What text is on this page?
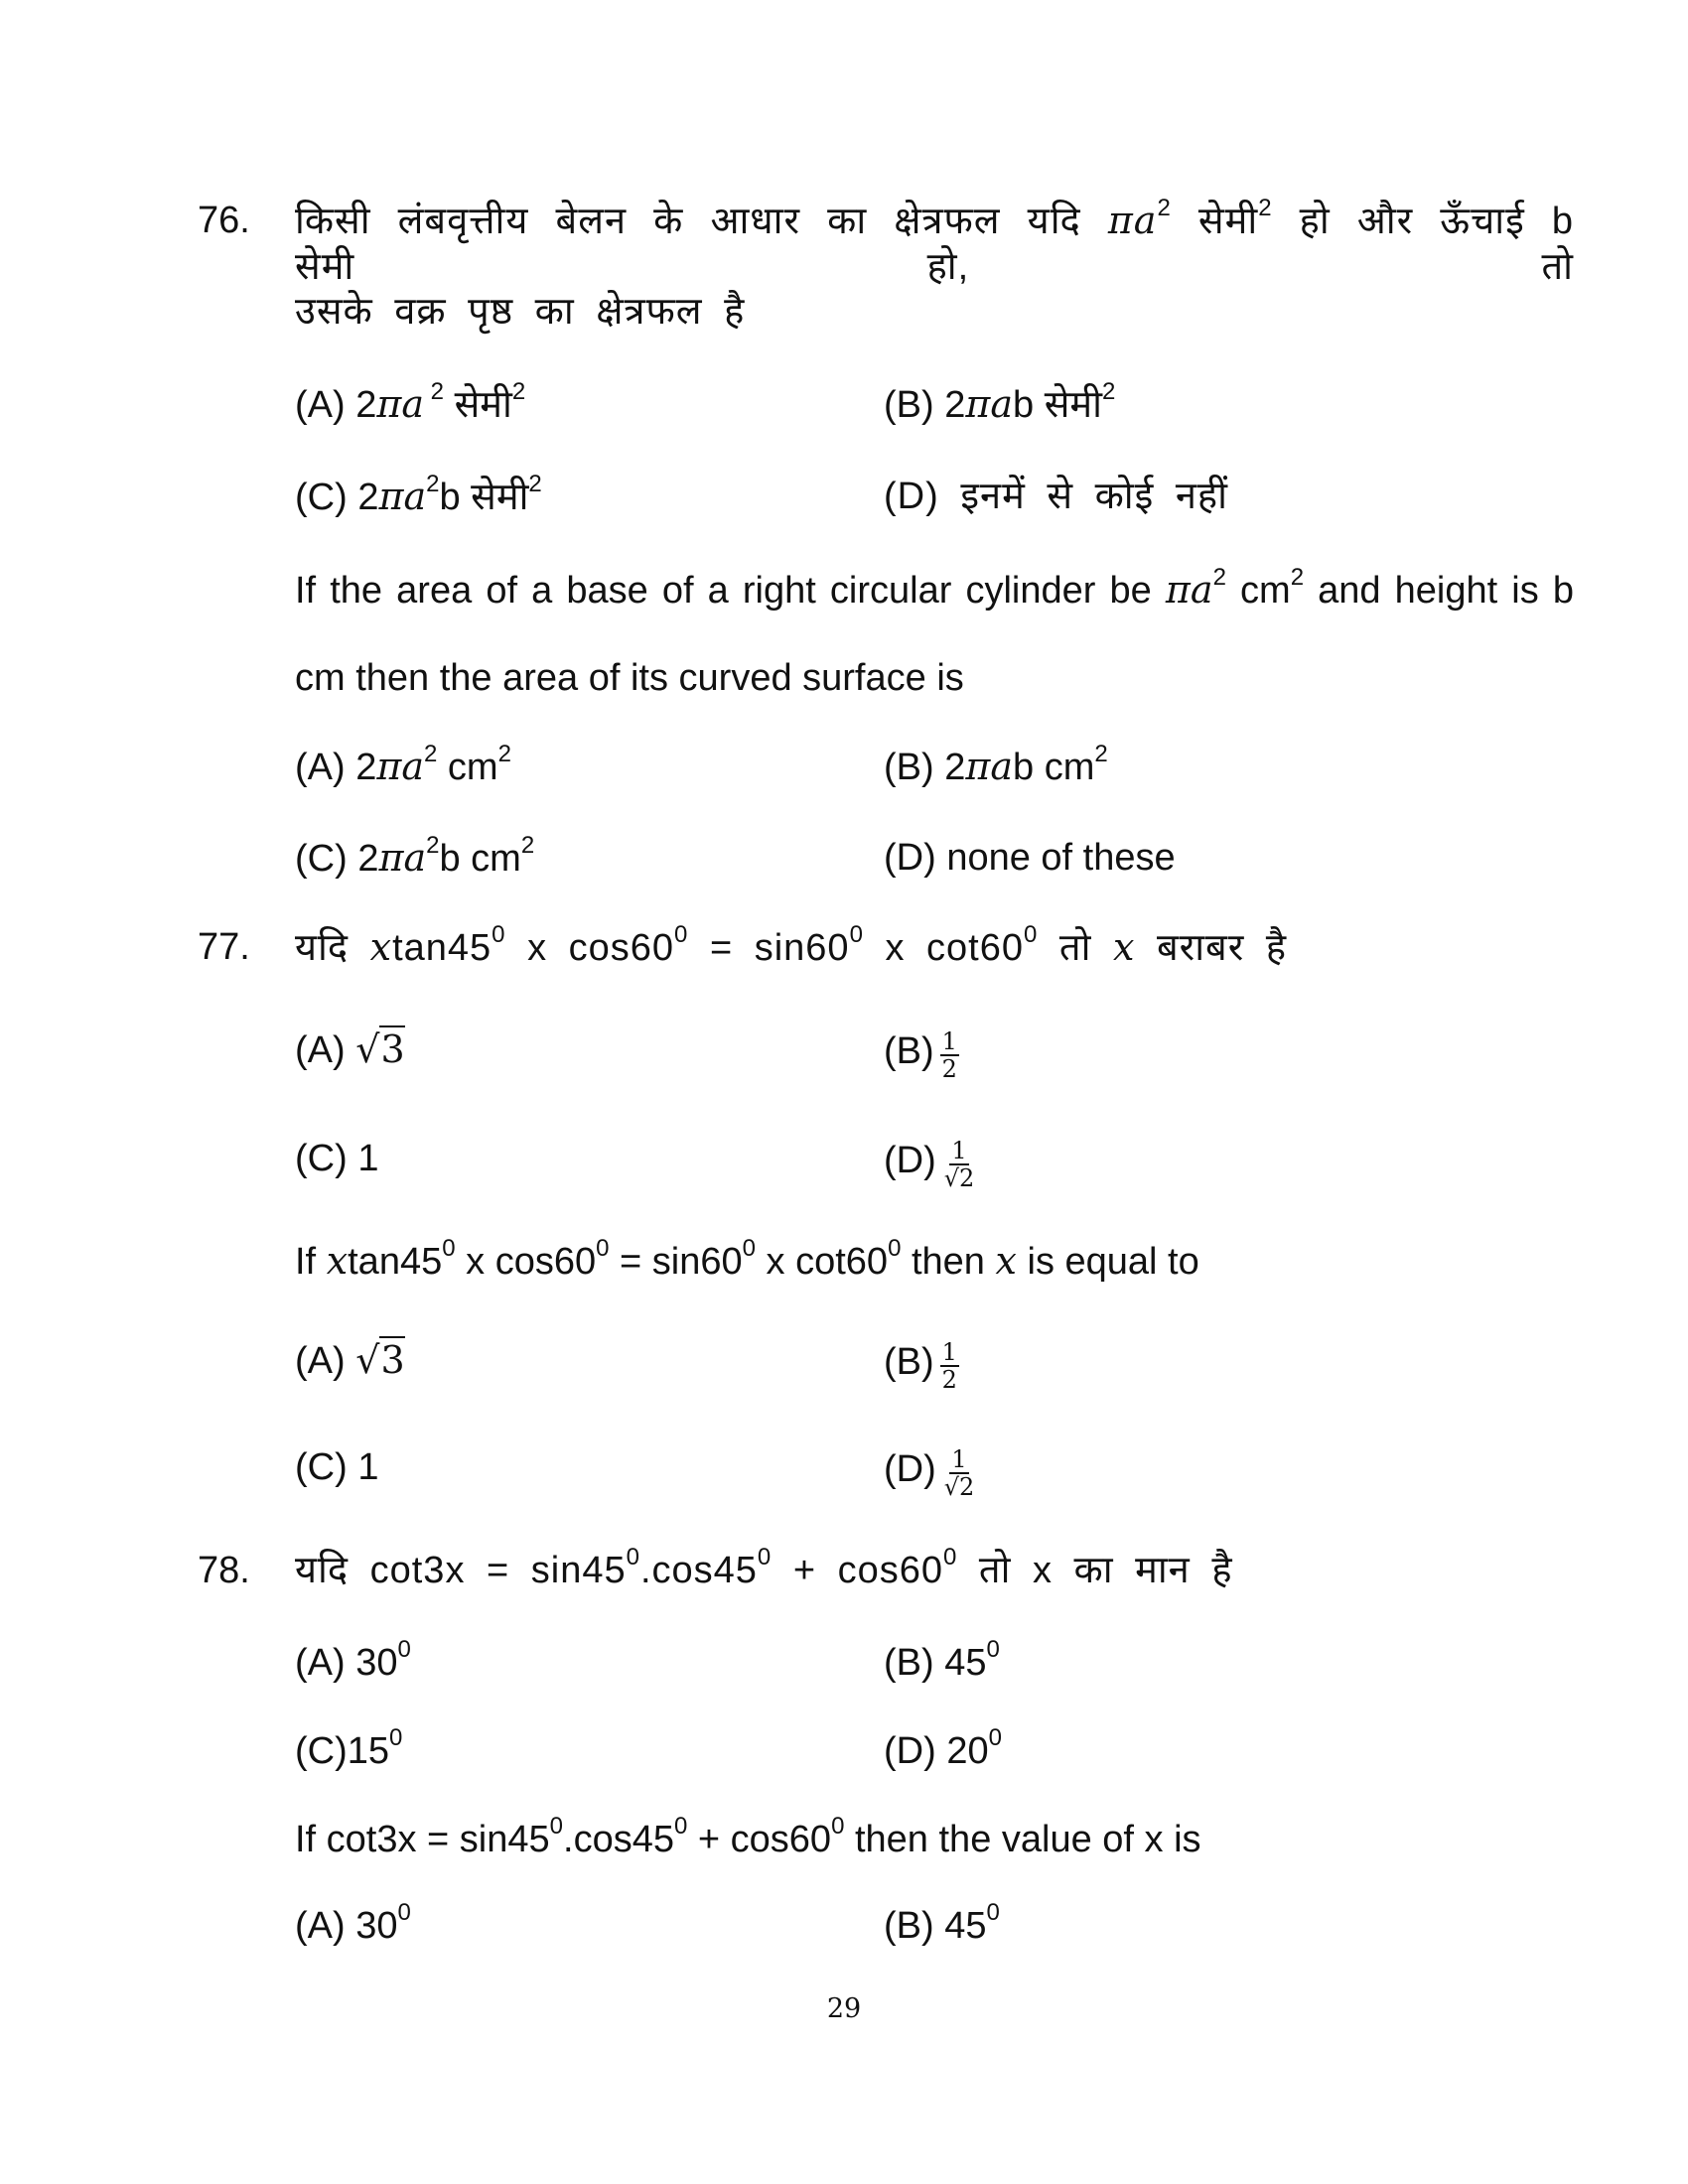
76. किसी लंबवृत्तीय बेलन के आधार का क्षेत्रफल यदि $\pi a^2$ सेमी$^2$ हो और ऊँचाई b सेमी हो, तो
उसके वक्र पृष्ठ का क्षेत्रफल है
(A) 2πa $^2$ सेमी$^2$	(B) 2πab सेमी$^2$
(C) $2\pi a^2b$ सेमी$^2$	(D) इनमें से कोई नहीं
If the area of a base of a right circular cylinder be $\pi a^2$ $cm^2$ and height is b
cm then the area of its curved surface is
(A) $2\pi a^2$ $cm^2$	(B) 2πab $cm^2$
(C) $2\pi a^2b$ $cm^2$	(D) none of these
77. यदि $xtan45^0$ x $\cos 60^0 = \sin 60^0$ x $\cot 60^0$ तो x बराबर है
(A) √3	$(B) \frac{1}{2}$
(C) 1	$(D) \frac{1}{√2}$
If $xtan45^0$ x $\cos 60^0 = \sin 60^0$ x $\cot 60^0$ then x is equal to
(A) √3	$(B) \frac{1}{2}$
(C) 1	$(D) \frac{1}{√2}$
78. यदि $\cot 3x = \sin 45^0.\cos 45^0 + \cos 60^0$ तो x का मान है
(A) $30^0$	(B) $45^0$
$(C)15^0$	(D) $20^0$
If $\cot 3x = \sin 45^0.\cos 45^0 + \cos 60^0$ then the value of x is
(A) $30^0$	(B) $45^0$
29
